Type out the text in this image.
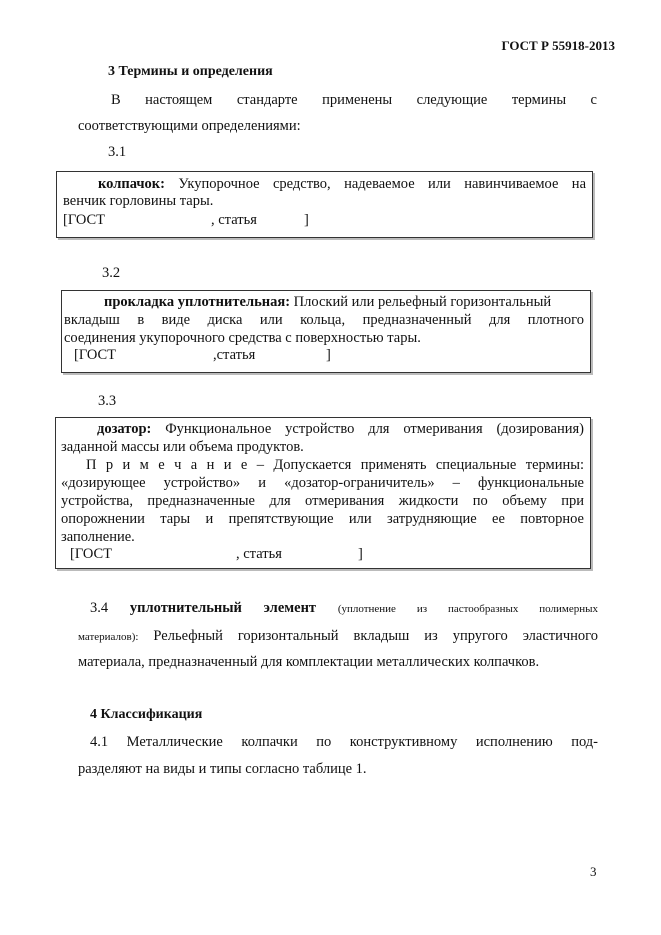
ГОСТ Р 55918-2013
3 Термины и определения
В настоящем стандарте применены следующие термины с
соответствующими определениями:
3.1
колпачок: Укупорочное средство, надеваемое или навинчиваемое на
венчик горловины тары.
[ГОСТ	, статья	]
3.2
прокладка уплотнительная: Плоский или рельефный горизонтальный
вкладыш в виде диска или кольца, предназначенный для плотного
соединения укупорочного средства с поверхностью тары.
[ГОСТ	,статья	]
3.3
дозатор: Функциональное устройство для отмеривания (дозирования)
заданной массы или объема продуктов.
П р и м е ч а н и е – Допускается применять специальные термины:
«дозирующее устройство» и «дозатор-ограничитель» – функциональные
устройства, предназначенные для отмеривания жидкости по объему при
опорожнении тары и препятствующие или затрудняющие ее повторное
заполнение.
[ГОСТ	, статья	]
3.4 уплотнительный элемент (уплотнение из пастообразных полимерных
материалов): Рельефный горизонтальный вкладыш из упругого эластичного
материала, предназначенный для комплектации металлических колпачков.
4 Классификация
4.1 Металлические колпачки по конструктивному исполнению под-
разделяют на виды и типы согласно таблице 1.
3
